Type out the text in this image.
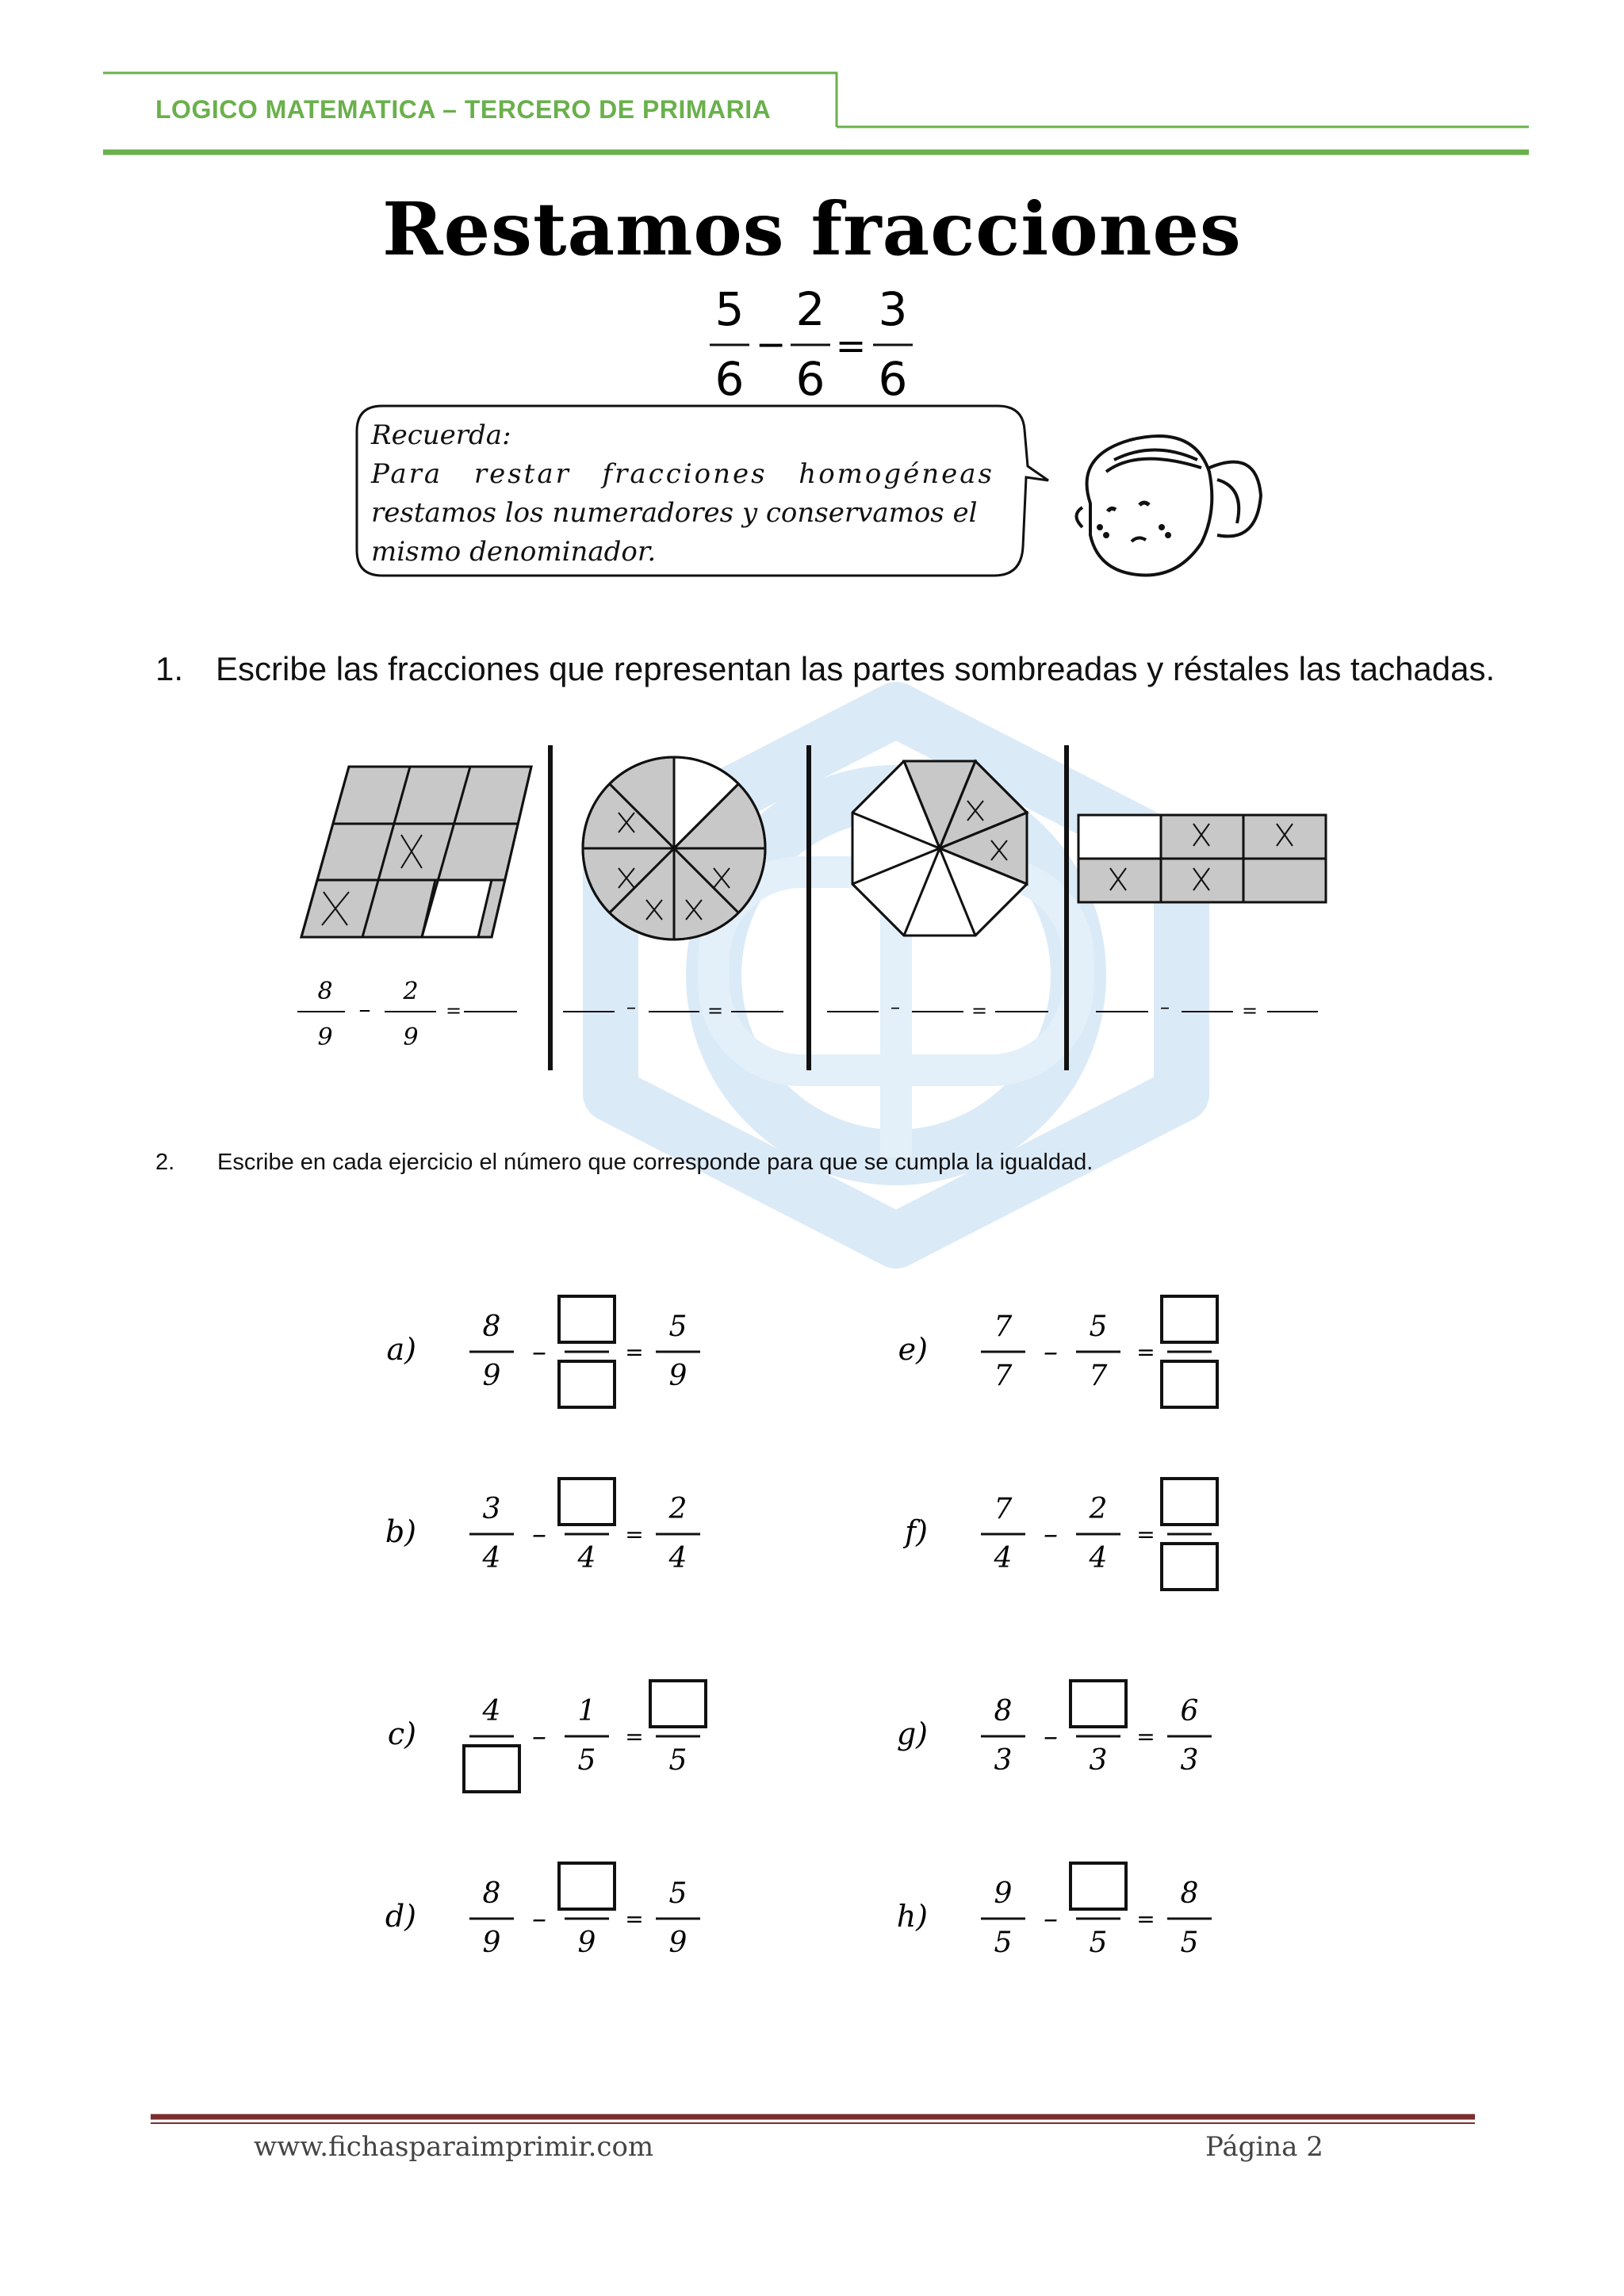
LOGICO MATEMATICA – TERCERO DE PRIMARIA
Restamos fracciones
5
6
−
2
6
=
3
6
Recuerda:
Para restar fracciones homogéneas
restamos los numeradores y conservamos el
mismo denominador.
1. Escribe las fracciones que representan las partes sombreadas y réstales las tachadas.
8
9
–
2
9
=	–	=	–	=	–	=
2. Escribe en cada ejercicio el número que corresponde para que se cumpla la igualdad.
a)
8
9
5
9
–	=
b)
3
4	4
2
4
–	=
c)
4	1
5	5
–	=
d)
8
9	9
5
9
–	=
e)
7
7
5
7
–	=
f)
7
4
2
4
–	=
g)
8
3	3
6
3
–	=
h)
9
5	5
8
5
–	=
www.fichasparaimprimir.com	Página 2
